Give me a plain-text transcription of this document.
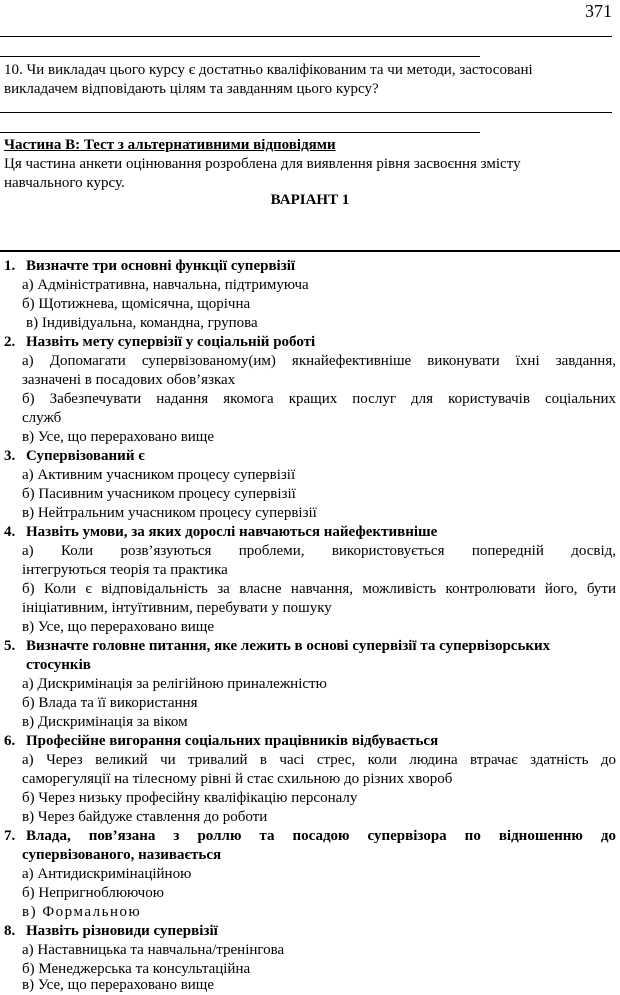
371
10. Чи викладач цього курсу є достатньо кваліфікованим та чи методи, застосовані
викладачем відповідають цілям та завданням цього курсу?
Частина В: Тест з альтернативними відповідями
Ця частина анкети оцінювання розроблена для виявлення рівня засвоєння змісту
навчального курсу.
ВАРІАНТ 1
1. Визначте три основні функції супервізії
а) Адміністративна, навчальна, підтримуюча
б) Щотижнева, щомісячна, щорічна
в) Індивідуальна, командна, групова
2. Назвіть мету супервізії у соціальній роботі
а) Допомагати супервізованому(им) якнайефективніше виконувати їхні завдання,
зазначені в посадових обов’язках
б) Забезпечувати надання якомога кращих послуг для користувачів соціальних
служб
в) Усе, що перераховано вище
3. Супервізований є
а) Активним учасником процесу супервізії
б) Пасивним учасником процесу супервізії
в) Нейтральним учасником процесу супервізії
4. Назвіть умови, за яких дорослі навчаються найефективніше
а) Коли розв’язуються проблеми, використовується попередній досвід,
інтегруються теорія та практика
б) Коли є відповідальність за власне навчання, можливість контролювати його, бути
ініціативним, інтуїтивним, перебувати у пошуку
в) Усе, що перераховано вище
5. Визначте головне питання, яке лежить в основі супервізії та супервізорських
стосунків
а) Дискримінація за релігійною приналежністю
б) Влада та її використання
в) Дискримінація за віком
6. Професійне вигорання соціальних працівників відбувається
а) Через великий чи тривалий в часі стрес, коли людина втрачає здатність до
саморегуляції на тілесному рівні й стає схильною до різних хвороб
б) Через низьку професійну кваліфікацію персоналу
в) Через байдуже ставлення до роботи
7. Влада, пов’язана з роллю та посадою супервізора по відношенню до
супервізованого, називається
а) Антидискримінаційною
б) Непригноблюючою
в) Формальною
8. Назвіть різновиди супервізії
а) Наставницька та навчальна/тренінгова
б) Менеджерська та консультаційна
в) Усе, що перераховано вище
